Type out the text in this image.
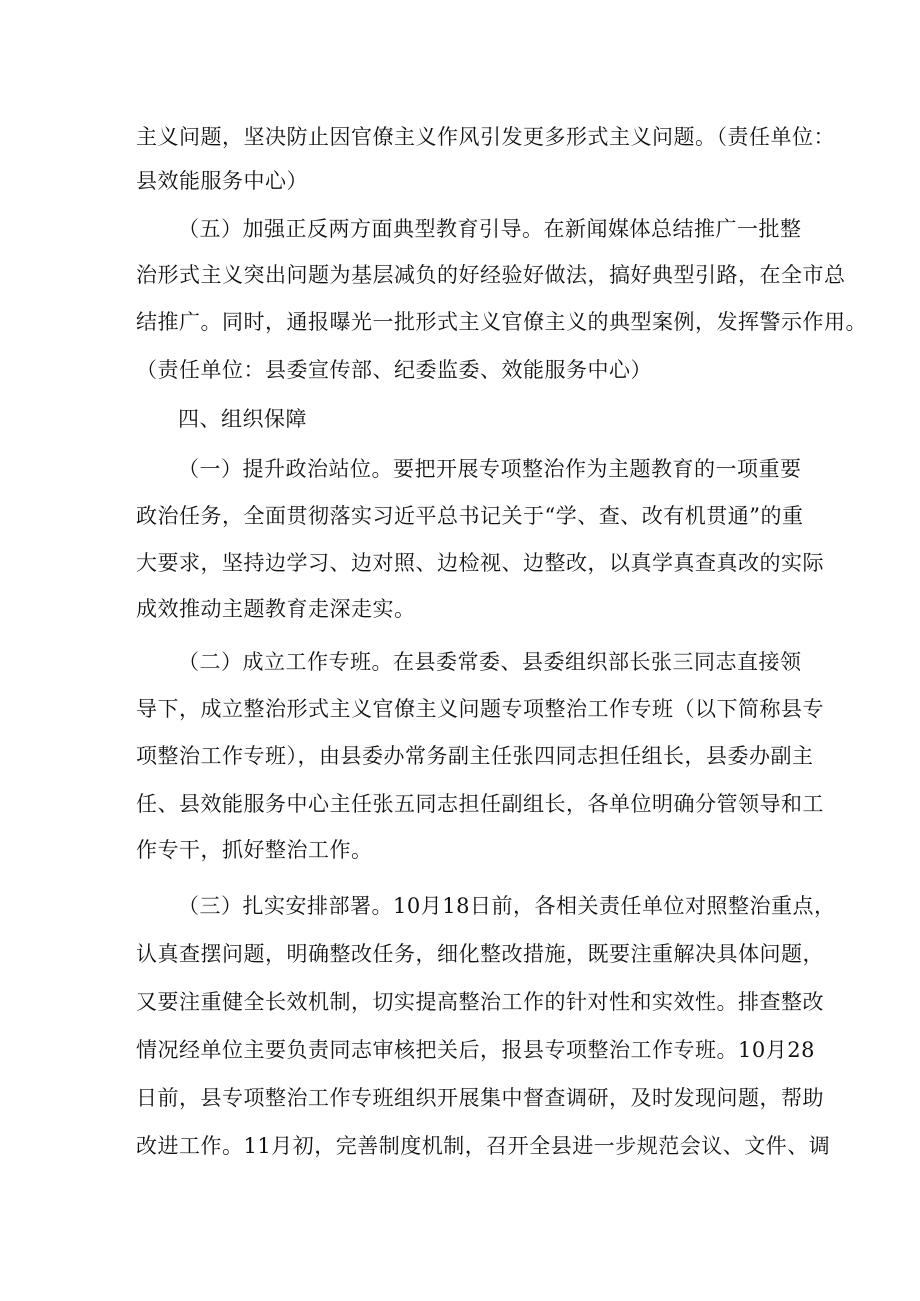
主义问题，坚决防止因官僚主义作风引发更多形式主义问题。（责任单位：
县效能服务中心）
（五）加强正反两方面典型教育引导。在新闻媒体总结推广一批整
治形式主义突出问题为基层减负的好经验好做法，搞好典型引路，在全市总
结推广。同时，通报曝光一批形式主义官僚主义的典型案例，发挥警示作用。
（责任单位：县委宣传部、纪委监委、效能服务中心）
四、组织保障
（一）提升政治站位。要把开展专项整治作为主题教育的一项重要
政治任务，全面贯彻落实习近平总书记关于“学、查、改有机贯通”的重
大要求，坚持边学习、边对照、边检视、边整改，以真学真查真改的实际
成效推动主题教育走深走实。
（二）成立工作专班。在县委常委、县委组织部长张三同志直接领
导下，成立整治形式主义官僚主义问题专项整治工作专班（以下简称县专
项整治工作专班），由县委办常务副主任张四同志担任组长，县委办副主
任、县效能服务中心主任张五同志担任副组长，各单位明确分管领导和工
作专干，抓好整治工作。
（三）扎实安排部署。10月18日前，各相关责任单位对照整治重点，
认真查摆问题，明确整改任务，细化整改措施，既要注重解决具体问题，
又要注重健全长效机制，切实提高整治工作的针对性和实效性。排查整改
情况经单位主要负责同志审核把关后，报县专项整治工作专班。10月28
日前，县专项整治工作专班组织开展集中督查调研，及时发现问题，帮助
改进工作。11月初，完善制度机制，召开全县进一步规范会议、文件、调
